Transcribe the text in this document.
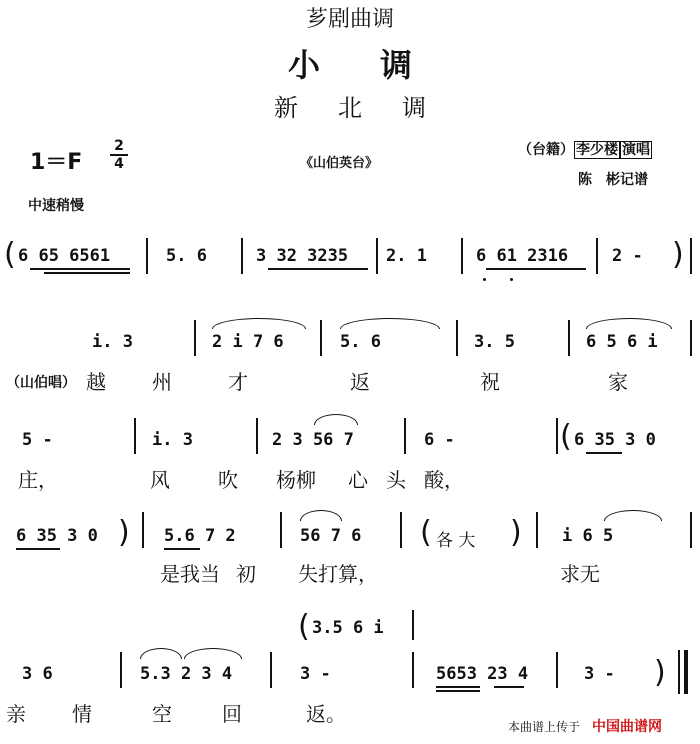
芗剧曲调
小调
新北调
1＝F
2
4	《山伯英台》
（台籍） 李少楼 演唱
陈　彬记谱
中速稍慢
( 6 65 6561	5. 6	3 32 3235 2. 1	6 61 2316	2 - )
i. 3	2 i 7 6	5. 6	3. 5	6 5 6 i
（山伯唱） 越 州	才	返	祝	家
5 -	i. 3	2 3 56 7	6 -	( 6 35 3 0
庄，	风 吹 杨柳 心 头 酸，
6 35 3 0 ) 5.6 7 2	56 7 6 ( 各 大 ) i 6 5
是我当 初 失打算，	求无
( 3.5 6 i
3 6	5.3 2 3 4	3 -	5653 23 4	3 - )
亲 情	空	回	返。
本曲谱上传于 中国曲谱网
